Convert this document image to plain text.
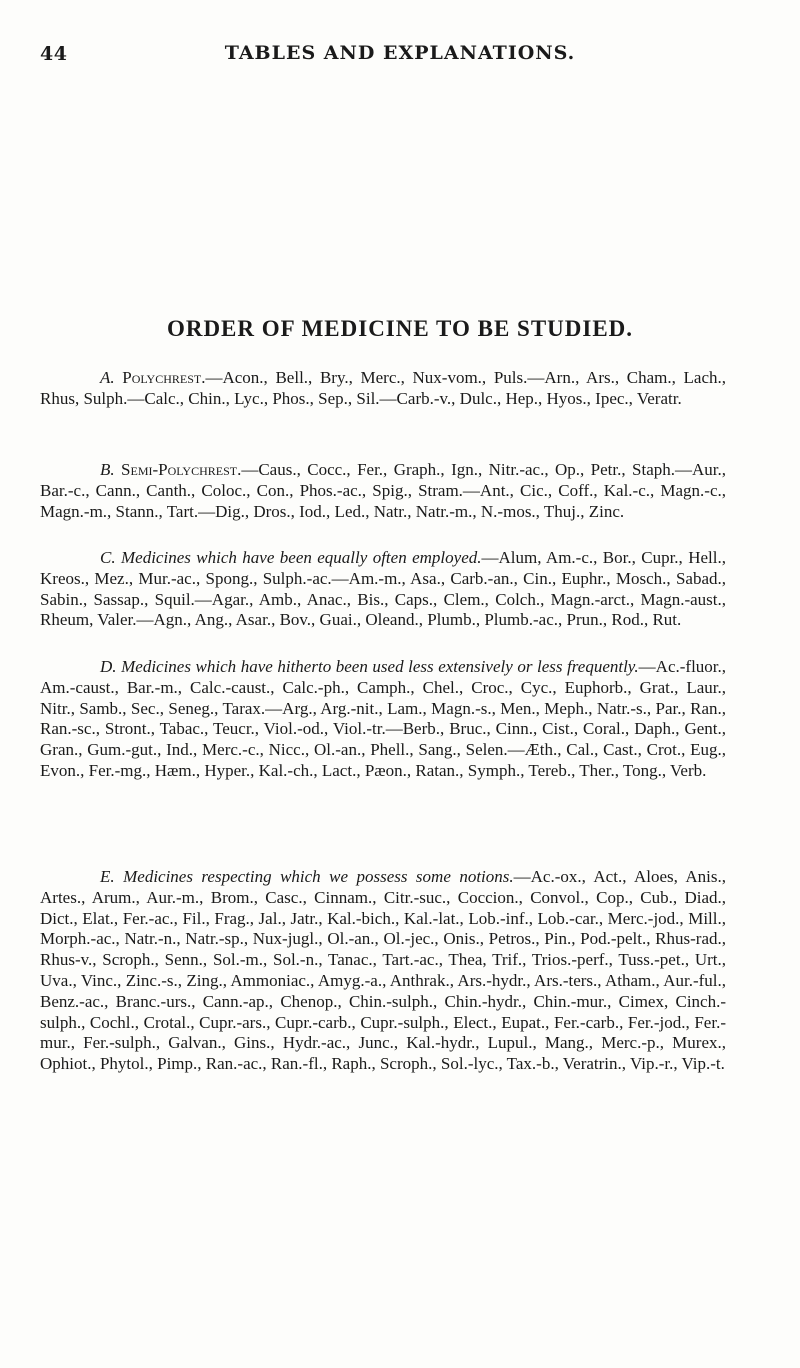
44	TABLES AND EXPLANATIONS.
ORDER OF MEDICINE TO BE STUDIED.

A. Polychrest.—Acon., Bell., Bry., Merc., Nux-vom., Puls.—Arn., Ars., Cham., Lach., Rhus, Sulph.—Calc., Chin., Lyc., Phos., Sep., Sil.—Carb.-v., Dulc., Hep., Hyos., Ipec., Veratr.

B. Semi-Polychrest.—Caus., Cocc., Fer., Graph., Ign., Nitr.-ac., Op., Petr., Staph.—Aur., Bar.-c., Cann., Canth., Coloc., Con., Phos.-ac., Spig., Stram.—Ant., Cic., Coff., Kal.-c., Magn.-c., Magn.-m., Stann., Tart.—Dig., Dros., Iod., Led., Natr., Natr.-m., N.-mos., Thuj., Zinc.

C. Medicines which have been equally often employed.—Alum, Am.-c., Bor., Cupr., Hell., Kreos., Mez., Mur.-ac., Spong., Sulph.-ac.—Am.-m., Asa., Carb.-an., Cin., Euphr., Mosch., Sabad., Sabin., Sassap., Squil.—Agar., Amb., Anac., Bis., Caps., Clem., Colch., Magn.-arct., Magn.-aust., Rheum, Valer.—Agn., Ang., Asar., Bov., Guai., Oleand., Plumb., Plumb.-ac., Prun., Rod., Rut.

D. Medicines which have hitherto been used less extensively or less frequently.—Ac.-fluor., Am.-caust., Bar.-m., Calc.-caust., Calc.-ph., Camph., Chel., Croc., Cyc., Euphorb., Grat., Laur., Nitr., Samb., Sec., Seneg., Tarax.—Arg., Arg.-nit., Lam., Magn.-s., Men., Meph., Natr.-s., Par., Ran., Ran.-sc., Stront., Tabac., Teucr., Viol.-od., Viol.-tr.—Berb., Bruc., Cinn., Cist., Coral., Daph., Gent., Gran., Gum.-gut., Ind., Merc.-c., Nicc., Ol.-an., Phell., Sang., Selen.—Æth., Cal., Cast., Crot., Eug., Evon., Fer.-mg., Hæm., Hyper., Kal.-ch., Lact., Pæon., Ratan., Symph., Tereb., Ther., Tong., Verb.

E. Medicines respecting which we possess some notions.—Ac.-ox., Act., Aloes, Anis., Artes., Arum., Aur.-m., Brom., Casc., Cinnam., Citr.-suc., Coccion., Convol., Cop., Cub., Diad., Dict., Elat., Fer.-ac., Fil., Frag., Jal., Jatr., Kal.-bich., Kal.-lat., Lob.-inf., Lob.-car., Merc.-jod., Mill., Morph.-ac., Natr.-n., Natr.-sp., Nux-jugl., Ol.-an., Ol.-jec., Onis., Petros., Pin., Pod.-pelt., Rhus-rad., Rhus-v., Scroph., Senn., Sol.-m., Sol.-n., Tanac., Tart.-ac., Thea, Trif., Trios.-perf., Tuss.-pet., Urt., Uva., Vinc., Zinc.-s., Zing., Ammoniac., Amyg.-a., Anthrak., Ars.-hydr., Ars.-ters., Atham., Aur.-ful., Benz.-ac., Branc.-urs., Cann.-ap., Chenop., Chin.-sulph., Chin.-hydr., Chin.-mur., Cimex, Cinch.-sulph., Cochl., Crotal., Cupr.-ars., Cupr.-carb., Cupr.-sulph., Elect., Eupat., Fer.-carb., Fer.-jod., Fer.-mur., Fer.-sulph., Galvan., Gins., Hydr.-ac., Junc., Kal.-hydr., Lupul., Mang., Merc.-p., Murex., Ophiot., Phytol., Pimp., Ran.-ac., Ran.-fl., Raph., Scroph., Sol.-lyc., Tax.-b., Veratrin., Vip.-r., Vip.-t.
